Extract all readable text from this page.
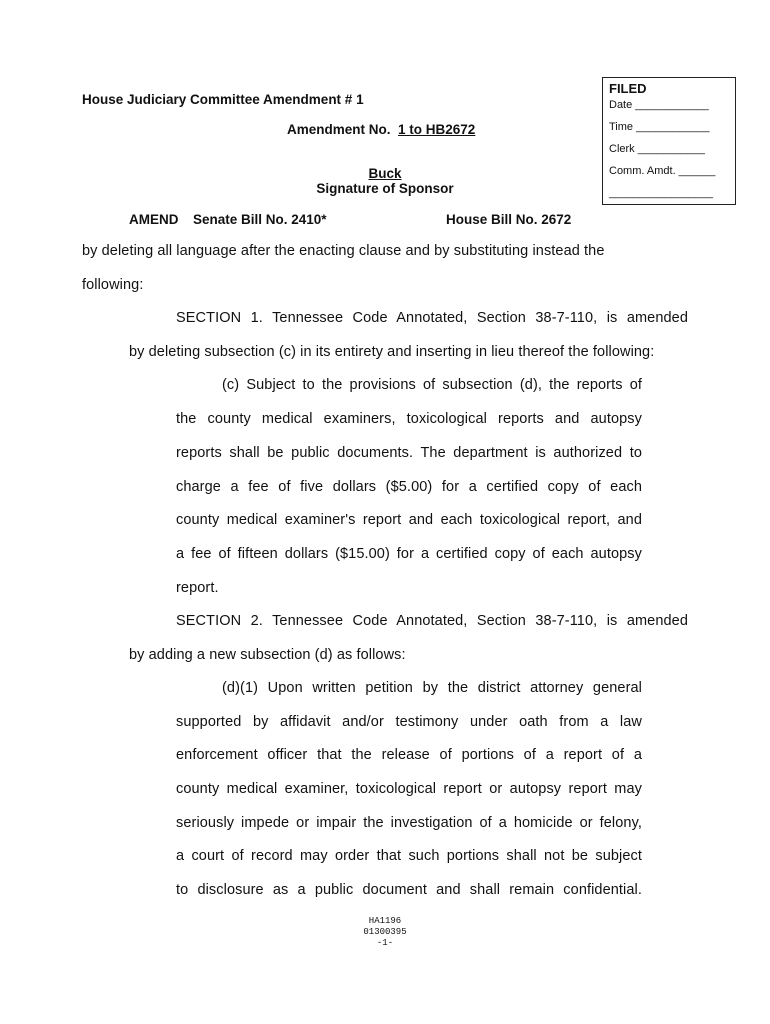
FILED
Date ____________
Time ____________
Clerk ___________
Comm. Amdt. ______
_________________
House Judiciary Committee Amendment # 1
Amendment No. 1 to HB2672
Buck
Signature of Sponsor
AMEND Senate Bill No. 2410*	House Bill No. 2672
by deleting all language after the enacting clause and by substituting instead the
following:
SECTION 1. Tennessee Code Annotated, Section 38-7-110, is amended
by deleting subsection (c) in its entirety and inserting in lieu thereof the following:
(c) Subject to the provisions of subsection (d), the reports of
the county medical examiners, toxicological reports and autopsy
reports shall be public documents. The department is authorized to
charge a fee of five dollars ($5.00) for a certified copy of each
county medical examiner's report and each toxicological report, and
a fee of fifteen dollars ($15.00) for a certified copy of each autopsy
report.
SECTION 2. Tennessee Code Annotated, Section 38-7-110, is amended
by adding a new subsection (d) as follows:
(d)(1) Upon written petition by the district attorney general
supported by affidavit and/or testimony under oath from a law
enforcement officer that the release of portions of a report of a
county medical examiner, toxicological report or autopsy report may
seriously impede or impair the investigation of a homicide or felony,
a court of record may order that such portions shall not be subject
to disclosure as a public document and shall remain confidential.
HA1196
01300395
-1-
